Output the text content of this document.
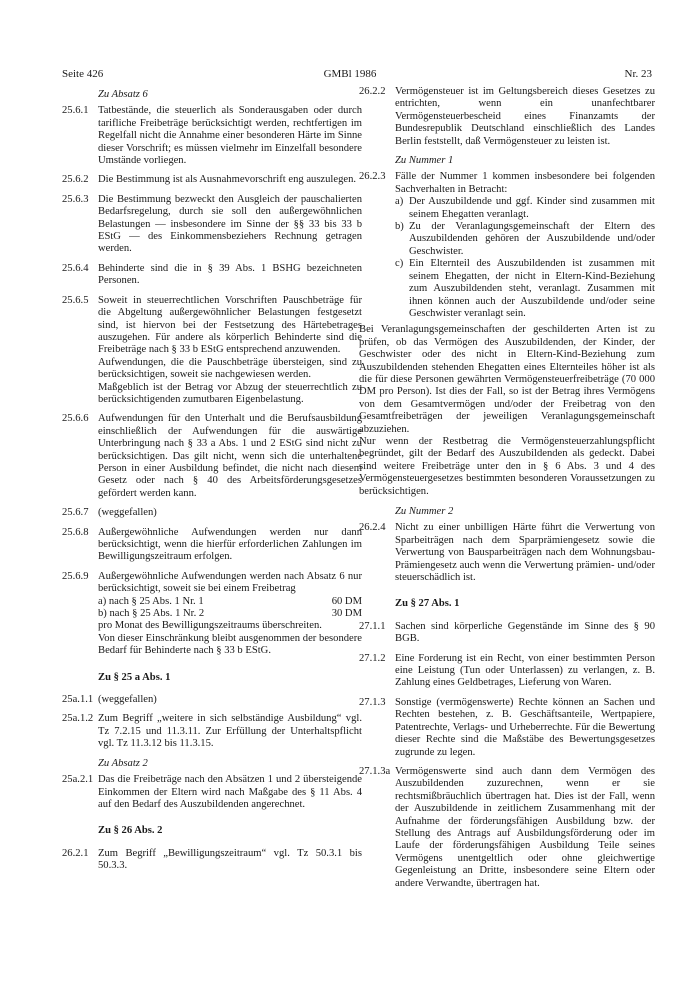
Seite 426	GMBl 1986	Nr. 23
Zu Absatz 6
25.6.1 Tatbestände, die steuerlich als Sonderausgaben oder durch tarifliche Freibeträge berücksichtigt werden, rechtfertigen im Regelfall nicht die Annahme einer besonderen Härte im Sinne dieser Vorschrift; es müssen vielmehr im Einzelfall besondere Umstände vorliegen.
25.6.2 Die Bestimmung ist als Ausnahmevorschrift eng auszulegen.
25.6.3 Die Bestimmung bezweckt den Ausgleich der pauschalierten Bedarfsregelung, durch sie soll den außergewöhnlichen Belastungen — insbesondere im Sinne der §§ 33 bis 33 b EStG — des Einkommensbeziehers Rechnung getragen werden.
25.6.4 Behinderte sind die in § 39 Abs. 1 BSHG bezeichneten Personen.
25.6.5 Soweit in steuerrechtlichen Vorschriften Pauschbeträge für die Abgeltung außergewöhnlicher Belastungen festgesetzt sind, ist hiervon bei der Festsetzung des Härtebetrages auszugehen. Für andere als körperlich Behinderte sind die Freibeträge nach § 33 b EStG entsprechend anzuwenden.

Aufwendungen, die die Pauschbeträge übersteigen, sind zu berücksichtigen, soweit sie nachgewiesen werden.

Maßgeblich ist der Betrag vor Abzug der steuerrechtlich zu berücksichtigenden zumutbaren Eigenbelastung.

25.6.6 Aufwendungen für den Unterhalt und die Berufsausbildung einschließlich der Aufwendungen für die auswärtige Unterbringung nach § 33 a Abs. 1 und 2 EStG sind nicht zu berücksichtigen. Das gilt nicht, wenn sich die unterhaltene Person in einer Ausbildung befindet, die nicht nach diesem Gesetz oder nach § 40 des Arbeitsförderungsgesetzes gefördert werden kann.
25.6.7 (weggefallen)
25.6.8 Außergewöhnliche Aufwendungen werden nur dann berücksichtigt, wenn die hierfür erforderlichen Zahlungen im Bewilligungszeitraum erfolgen.
25.6.9 Außergewöhnliche Aufwendungen werden nach Absatz 6 nur berücksichtigt, soweit sie bei einem Freibetrag

a) nach § 25 Abs. 1 Nr. 1	60 DM
b) nach § 25 Abs. 1 Nr. 2	30 DM

pro Monat des Bewilligungszeitraums überschreiten.

Von dieser Einschränkung bleibt ausgenommen der besondere Bedarf für Behinderte nach § 33 b EStG.

Zu § 25 a Abs. 1
25a.1.1 (weggefallen)
25a.1.2 Zum Begriff „weitere in sich selbständige Ausbildung“ vgl. Tz 7.2.15 und 11.3.11. Zur Erfüllung der Unterhaltspflicht vgl. Tz 11.3.12 bis 11.3.15.
Zu Absatz 2
25a.2.1 Das die Freibeträge nach den Absätzen 1 und 2 übersteigende Einkommen der Eltern wird nach Maßgabe des § 11 Abs. 4 auf den Bedarf des Auszubildenden angerechnet.
Zu § 26 Abs. 2
26.2.1 Zum Begriff „Bewilligungszeitraum“ vgl. Tz 50.3.1 bis 50.3.3.
26.2.2 Vermögensteuer ist im Geltungsbereich dieses Gesetzes zu entrichten, wenn ein unanfechtbarer Vermögensteuerbescheid eines Finanzamts der Bundesrepublik Deutschland einschließlich des Landes Berlin feststellt, daß Vermögensteuer zu leisten ist.
Zu Nummer 1
26.2.3 Fälle der Nummer 1 kommen insbesondere bei folgenden Sachverhalten in Betracht:

a) Der Auszubildende und ggf. Kinder sind zusammen mit seinem Ehegatten veranlagt.
b) Zu der Veranlagungsgemeinschaft der Eltern des Auszubildenden gehören der Auszubildende und/oder Geschwister.
c) Ein Elternteil des Auszubildenden ist zusammen mit seinem Ehegatten, der nicht in Eltern-Kind-Beziehung zum Auszubildenden steht, veranlagt. Zusammen mit ihnen können auch der Auszubildende und/oder seine Geschwister veranlagt sein.

Bei Veranlagungsgemeinschaften der geschilderten Arten ist zu prüfen, ob das Vermögen des Auszubildenden, der Kinder, der Geschwister oder des nicht in Eltern-Kind-Beziehung zum Auszubildenden stehenden Ehegatten eines Elternteiles höher ist als die für diese Personen gewährten Vermögensteuerfreibeträge (70 000 DM pro Person). Ist dies der Fall, so ist der Betrag ihres Vermögens von dem Gesamtvermögen und/oder der Freibetrag von den Gesamtfreibeträgen der jeweiligen Veranlagungsgemeinschaft abzuziehen.

Nur wenn der Restbetrag die Vermögensteuerzahlungspflicht begründet, gilt der Bedarf des Auszubildenden als gedeckt. Dabei sind weitere Freibeträge unter den in § 6 Abs. 3 und 4 des Vermögensteuergesetzes bestimmten besonderen Voraussetzungen zu berücksichtigen.

Zu Nummer 2
26.2.4 Nicht zu einer unbilligen Härte führt die Verwertung von Sparbeiträgen nach dem Sparprämiengesetz sowie die Verwertung von Bausparbeiträgen nach dem Wohnungsbau-Prämiengesetz auch wenn die Verwertung prämien- und/oder steuerschädlich ist.
Zu § 27 Abs. 1
27.1.1 Sachen sind körperliche Gegenstände im Sinne des § 90 BGB.
27.1.2 Eine Forderung ist ein Recht, von einer bestimmten Person eine Leistung (Tun oder Unterlassen) zu verlangen, z. B. Zahlung eines Geldbetrages, Lieferung von Waren.
27.1.3 Sonstige (vermögenswerte) Rechte können an Sachen und Rechten bestehen, z. B. Geschäftsanteile, Wertpapiere, Patentrechte, Verlags- und Urheberrechte. Für die Bewertung dieser Rechte sind die Maßstäbe des Bewertungsgesetzes zugrunde zu legen.
27.1.3a Vermögenswerte sind auch dann dem Vermögen des Auszubildenden zuzurechnen, wenn er sie rechtsmißbräuchlich übertragen hat. Dies ist der Fall, wenn der Auszubildende in zeitlichem Zusammenhang mit der Aufnahme der förderungsfähigen Ausbildung bzw. der Stellung des Antrags auf Ausbildungsförderung oder im Laufe der förderungsfähigen Ausbildung Teile seines Vermögens unentgeltlich oder ohne gleichwertige Gegenleistung an Dritte, insbesondere seine Eltern oder andere Verwandte, übertragen hat.
